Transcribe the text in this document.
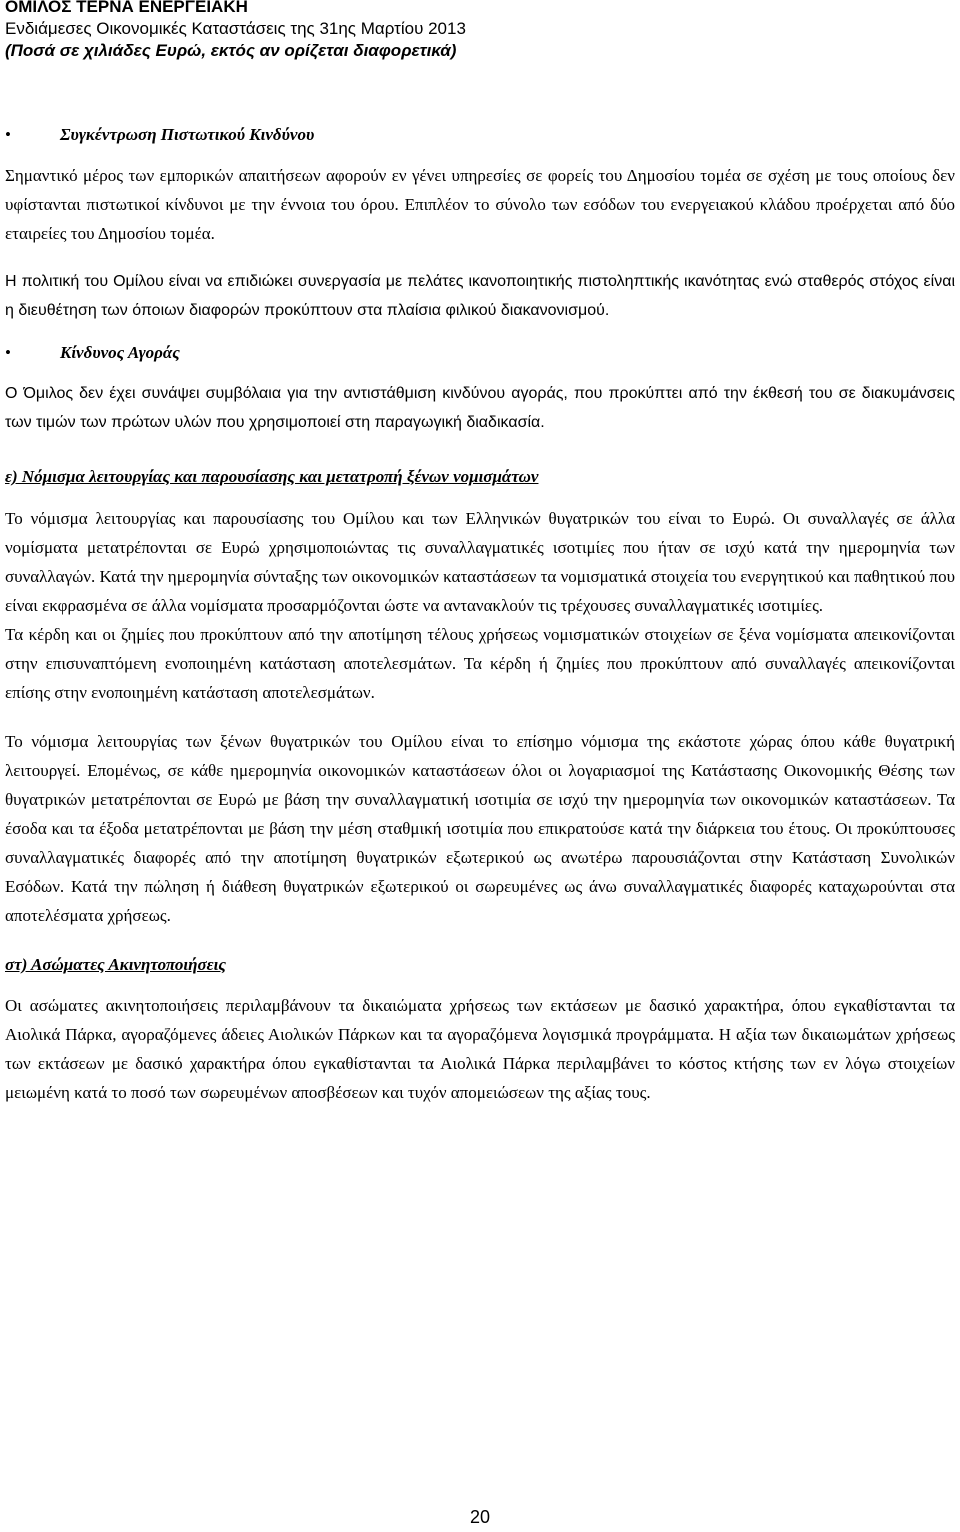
ΟΜΙΛΟΣ ΤΕΡΝΑ ΕΝΕΡΓΕΙΑΚΗ
Ενδιάμεσες Οικονομικές Καταστάσεις της 31ης Μαρτίου 2013
(Ποσά σε χιλιάδες Ευρώ, εκτός αν ορίζεται διαφορετικά)
•	Συγκέντρωση Πιστωτικού Κινδύνου

Σημαντικό μέρος των εμπορικών απαιτήσεων αφορούν εν γένει υπηρεσίες σε φορείς του Δημοσίου τομέα σε σχέση με τους οποίους δεν υφίστανται πιστωτικοί κίνδυνοι με την έννοια του όρου. Επιπλέον το σύνολο των εσόδων του ενεργειακού κλάδου προέρχεται από δύο εταιρείες του Δημοσίου τομέα.

Η πολιτική του Ομίλου είναι να επιδιώκει συνεργασία με πελάτες ικανοποιητικής πιστοληπτικής ικανότητας ενώ σταθερός στόχος είναι η διευθέτηση των όποιων διαφορών προκύπτουν στα πλαίσια φιλικού διακανονισμού.

•	Κίνδυνος Αγοράς

Ο Όμιλος δεν έχει συνάψει συμβόλαια για την αντιστάθμιση κινδύνου αγοράς, που προκύπτει από την έκθεσή του σε διακυμάνσεις των τιμών των πρώτων υλών που χρησιμοποιεί στη παραγωγική διαδικασία.

ε) Νόμισμα λειτουργίας και παρουσίασης και μετατροπή ξένων νομισμάτων

Το νόμισμα λειτουργίας και παρουσίασης του Ομίλου και των Ελληνικών θυγατρικών του είναι το Ευρώ. Οι συναλλαγές σε άλλα νομίσματα μετατρέπονται σε Ευρώ χρησιμοποιώντας τις συναλλαγματικές ισοτιμίες που ήταν σε ισχύ κατά την ημερομηνία των συναλλαγών. Κατά την ημερομηνία σύνταξης των οικονομικών καταστάσεων τα νομισματικά στοιχεία του ενεργητικού και παθητικού που είναι εκφρασμένα σε άλλα νομίσματα προσαρμόζονται ώστε να αντανακλούν τις τρέχουσες συναλλαγματικές ισοτιμίες.

Τα κέρδη και οι ζημίες που προκύπτουν από την αποτίμηση τέλους χρήσεως νομισματικών στοιχείων σε ξένα νομίσματα απεικονίζονται στην επισυναπτόμενη ενοποιημένη κατάσταση αποτελεσμάτων. Τα κέρδη ή ζημίες που προκύπτουν από συναλλαγές απεικονίζονται επίσης στην ενοποιημένη κατάσταση αποτελεσμάτων.

Το νόμισμα λειτουργίας των ξένων θυγατρικών του Ομίλου είναι το επίσημο νόμισμα της εκάστοτε χώρας όπου κάθε θυγατρική λειτουργεί. Επομένως, σε κάθε ημερομηνία οικονομικών καταστάσεων όλοι οι λογαριασμοί της Κατάστασης Οικονομικής Θέσης των θυγατρικών μετατρέπονται σε Ευρώ με βάση την συναλλαγματική ισοτιμία σε ισχύ την ημερομηνία των οικονομικών καταστάσεων. Τα έσοδα και τα έξοδα μετατρέπονται με βάση την μέση σταθμική ισοτιμία που επικρατούσε κατά την διάρκεια του έτους. Οι προκύπτουσες συναλλαγματικές διαφορές από την αποτίμηση θυγατρικών εξωτερικού ως ανωτέρω παρουσιάζονται στην Κατάσταση Συνολικών Εσόδων. Κατά την πώληση ή διάθεση θυγατρικών εξωτερικού οι σωρευμένες ως άνω συναλλαγματικές διαφορές καταχωρούνται στα αποτελέσματα χρήσεως.

στ) Ασώματες Ακινητοποιήσεις

Οι ασώματες ακινητοποιήσεις περιλαμβάνουν τα δικαιώματα χρήσεως των εκτάσεων με δασικό χαρακτήρα, όπου εγκαθίστανται τα Αιολικά Πάρκα, αγοραζόμενες άδειες Αιολικών Πάρκων και τα αγοραζόμενα λογισμικά προγράμματα. Η αξία των δικαιωμάτων χρήσεως των εκτάσεων με δασικό χαρακτήρα όπου εγκαθίστανται τα Αιολικά Πάρκα περιλαμβάνει το κόστος κτήσης των εν λόγω στοιχείων μειωμένη κατά το ποσό των σωρευμένων αποσβέσεων και τυχόν απομειώσεων της αξίας τους.

20
